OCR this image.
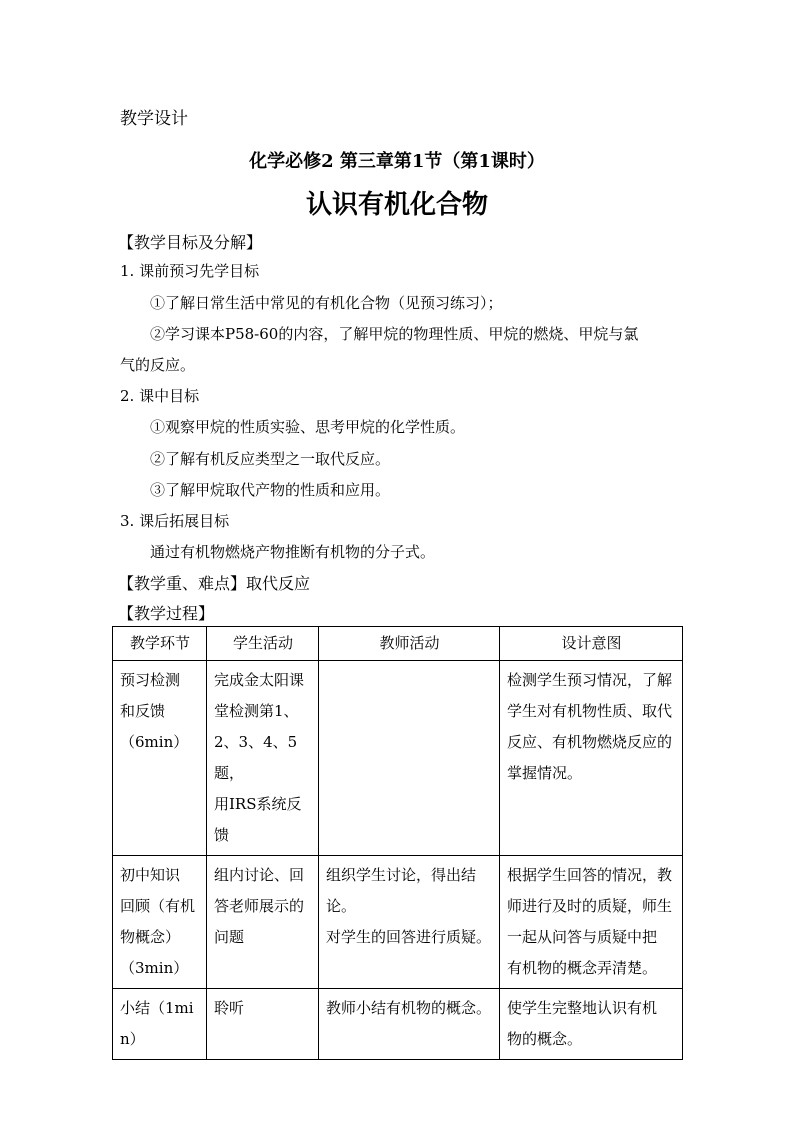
教学设计
化学必修2 第三章第1节（第1课时）
认识有机化合物
【教学目标及分解】
1. 课前预习先学目标
①了解日常生活中常见的有机化合物（见预习练习）；
②学习课本P58-60的内容，了解甲烷的物理性质、甲烷的燃烧、甲烷与氯
气的反应。
2. 课中目标
①观察甲烷的性质实验、思考甲烷的化学性质。
②了解有机反应类型之一取代反应。
③了解甲烷取代产物的性质和应用。
3. 课后拓展目标
通过有机物燃烧产物推断有机物的分子式。
【教学重、难点】取代反应
【教学过程】
教学环节	学生活动	教师活动	设计意图

预习检测
和反馈
（6min）	完成金太阳课
堂检测第1、
2、3、4、5题，
用IRS系统反
馈		检测学生预习情况，了解
学生对有机物性质、取代
反应、有机物燃烧反应的
掌握情况。

初中知识
回顾（有机
物概念）
（3min）	组内讨论、回
答老师展示的
问题	组织学生讨论，得出结
论。
对学生的回答进行质疑。	根据学生回答的情况，教
师进行及时的质疑，师生
一起从问答与质疑中把
有机物的概念弄清楚。

小结（1min）	聆听	教师小结有机物的概念。	使学生完整地认识有机
物的概念。
